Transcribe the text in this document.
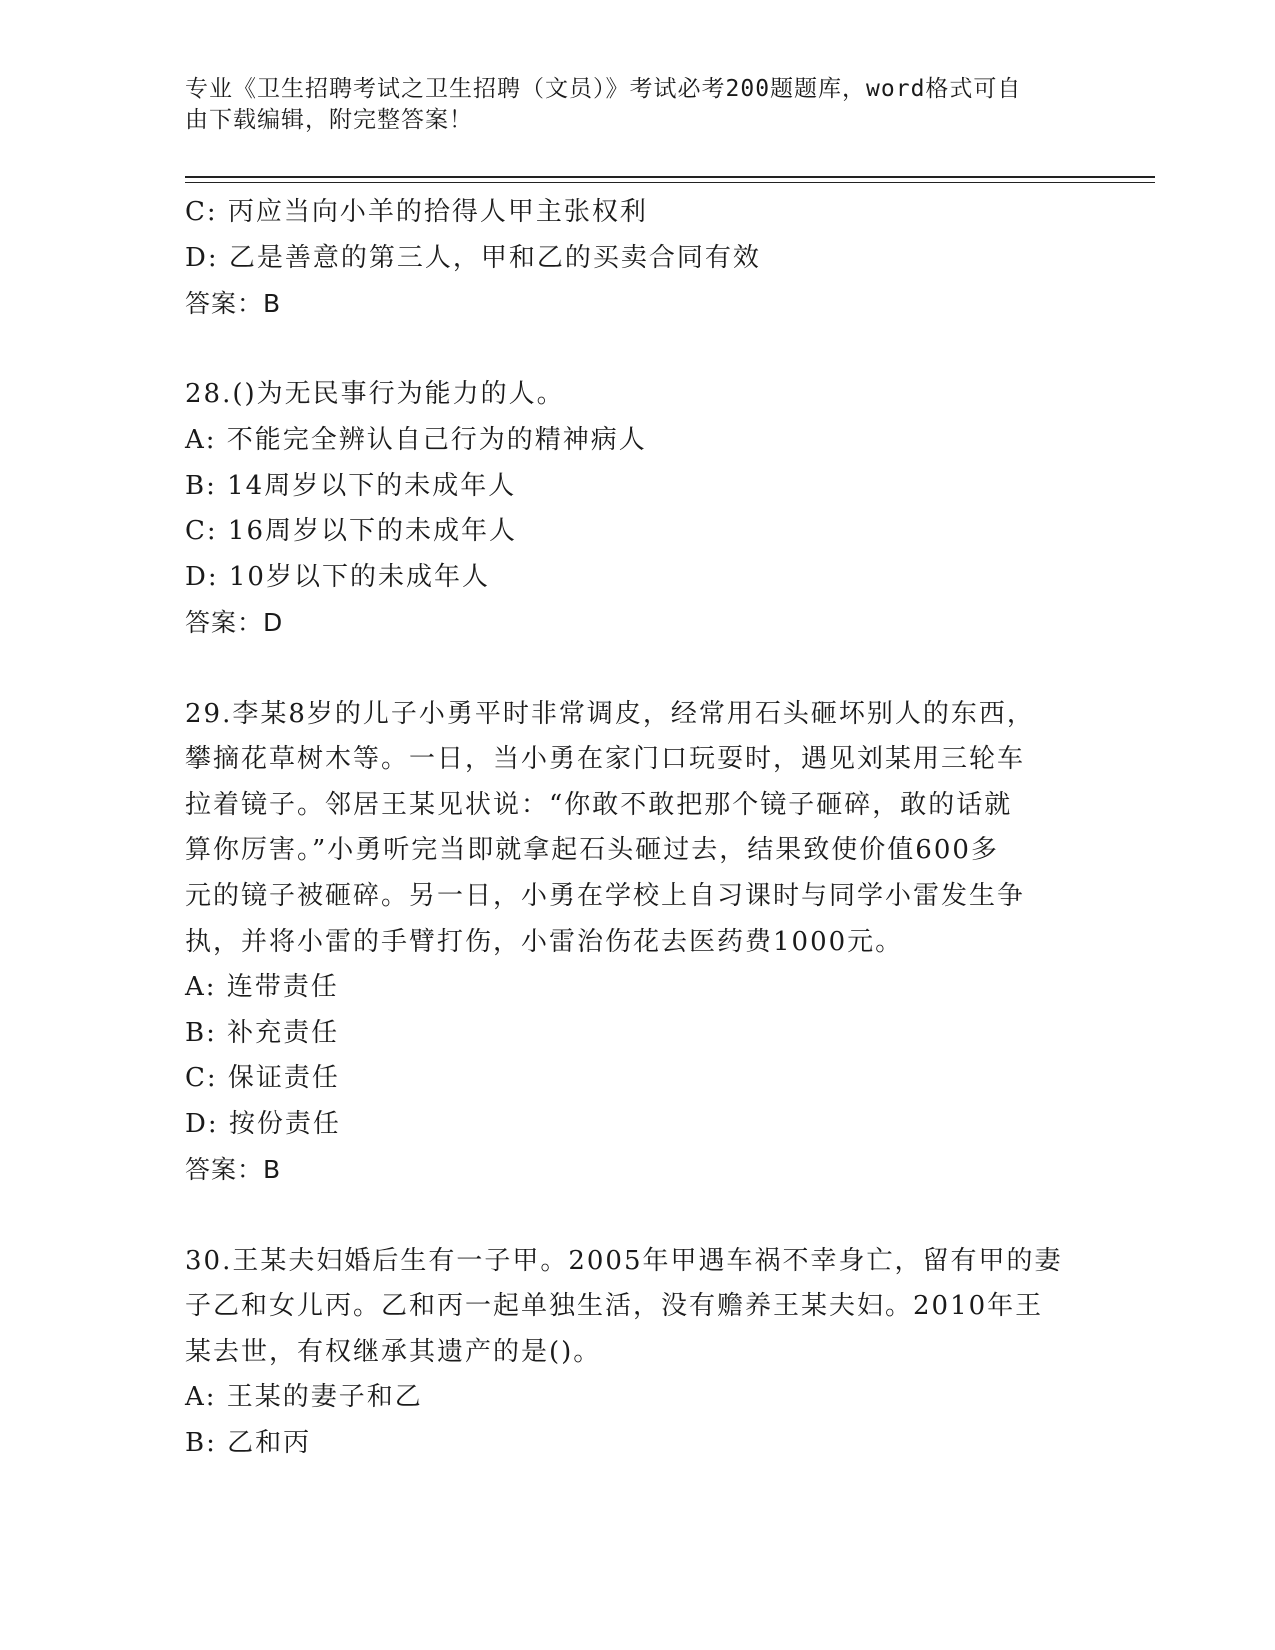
专业《卫生招聘考试之卫生招聘（文员）》考试必考200题题库，word格式可自
由下载编辑，附完整答案！
C: 丙应当向小羊的拾得人甲主张权利
D: 乙是善意的第三人，甲和乙的买卖合同有效
答案：B
28.()为无民事行为能力的人。
A: 不能完全辨认自己行为的精神病人
B: 14周岁以下的未成年人
C: 16周岁以下的未成年人
D: 10岁以下的未成年人
答案：D
29.李某8岁的儿子小勇平时非常调皮，经常用石头砸坏别人的东西，
攀摘花草树木等。一日，当小勇在家门口玩耍时，遇见刘某用三轮车
拉着镜子。邻居王某见状说：“你敢不敢把那个镜子砸碎，敢的话就
算你厉害。”小勇听完当即就拿起石头砸过去，结果致使价值600多
元的镜子被砸碎。另一日，小勇在学校上自习课时与同学小雷发生争
执，并将小雷的手臂打伤，小雷治伤花去医药费1000元。
A: 连带责任
B: 补充责任
C: 保证责任
D: 按份责任
答案：B
30.王某夫妇婚后生有一子甲。2005年甲遇车祸不幸身亡，留有甲的妻
子乙和女儿丙。乙和丙一起单独生活，没有赡养王某夫妇。2010年王
某去世，有权继承其遗产的是()。
A: 王某的妻子和乙
B: 乙和丙
